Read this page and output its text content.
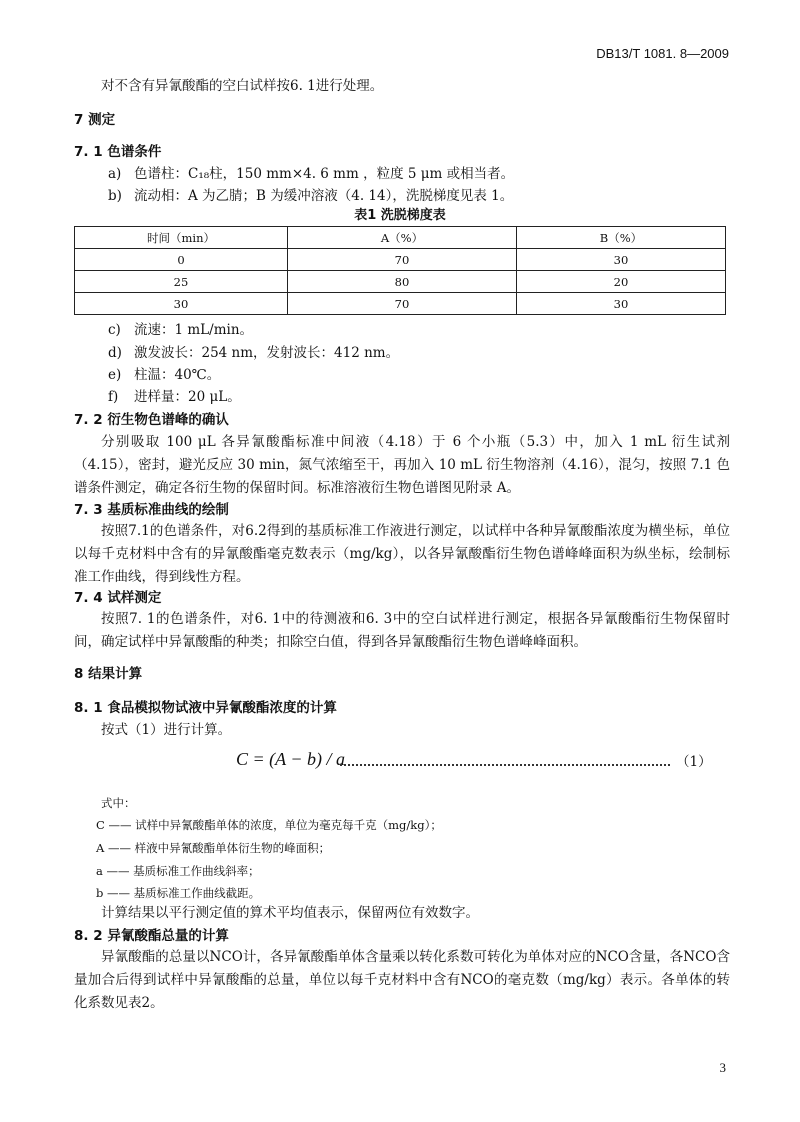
DB13/T 1081. 8—2009
对不含有异氰酸酯的空白试样按6. 1进行处理。
7 测定
7. 1 色谱条件
a) 色谱柱：C₁₈柱，150 mm×4. 6 mm ，粒度 5 μm 或相当者。
b) 流动相：A 为乙腈；B 为缓冲溶液（4. 14），洗脱梯度见表 1。
表1 洗脱梯度表
时间（min）	A（%）	B（%）
0	70	30
25	80	20
30	70	30
c) 流速：1 mL/min。
d) 激发波长：254 nm，发射波长：412 nm。
e) 柱温：40℃。
f) 进样量：20 μL。
7. 2 衍生物色谱峰的确认
分别吸取 100 μL 各异氰酸酯标准中间液（4.18）于 6 个小瓶（5.3）中，加入 1 mL 衍生试剂（4.15），密封，避光反应 30 min，氮气浓缩至干，再加入 10 mL 衍生物溶剂（4.16），混匀，按照 7.1 色谱条件测定，确定各衍生物的保留时间。标准溶液衍生物色谱图见附录 A。
7. 3 基质标准曲线的绘制
按照7.1的色谱条件，对6.2得到的基质标准工作液进行测定，以试样中各种异氰酸酯浓度为横坐标，单位以每千克材料中含有的异氰酸酯毫克数表示（mg/kg），以各异氰酸酯衍生物色谱峰峰面积为纵坐标，绘制标准工作曲线，得到线性方程。
7. 4 试样测定
按照7. 1的色谱条件，对6. 1中的待测液和6. 3中的空白试样进行测定，根据各异氰酸酯衍生物保留时间，确定试样中异氰酸酯的种类；扣除空白值，得到各异氰酸酯衍生物色谱峰峰面积。
8 结果计算
8. 1 食品模拟物试液中异氰酸酯浓度的计算
按式（1）进行计算。
C = (A − b) / a	（1）
式中：
C —— 试样中异氰酸酯单体的浓度，单位为毫克每千克（mg/kg）；
A —— 样液中异氰酸酯单体衍生物的峰面积；
a —— 基质标准工作曲线斜率；
b —— 基质标准工作曲线截距。
计算结果以平行测定值的算术平均值表示，保留两位有效数字。
8. 2 异氰酸酯总量的计算
异氰酸酯的总量以NCO计，各异氰酸酯单体含量乘以转化系数可转化为单体对应的NCO含量，各NCO含量加合后得到试样中异氰酸酯的总量，单位以每千克材料中含有NCO的毫克数（mg/kg）表示。各单体的转化系数见表2。
3
